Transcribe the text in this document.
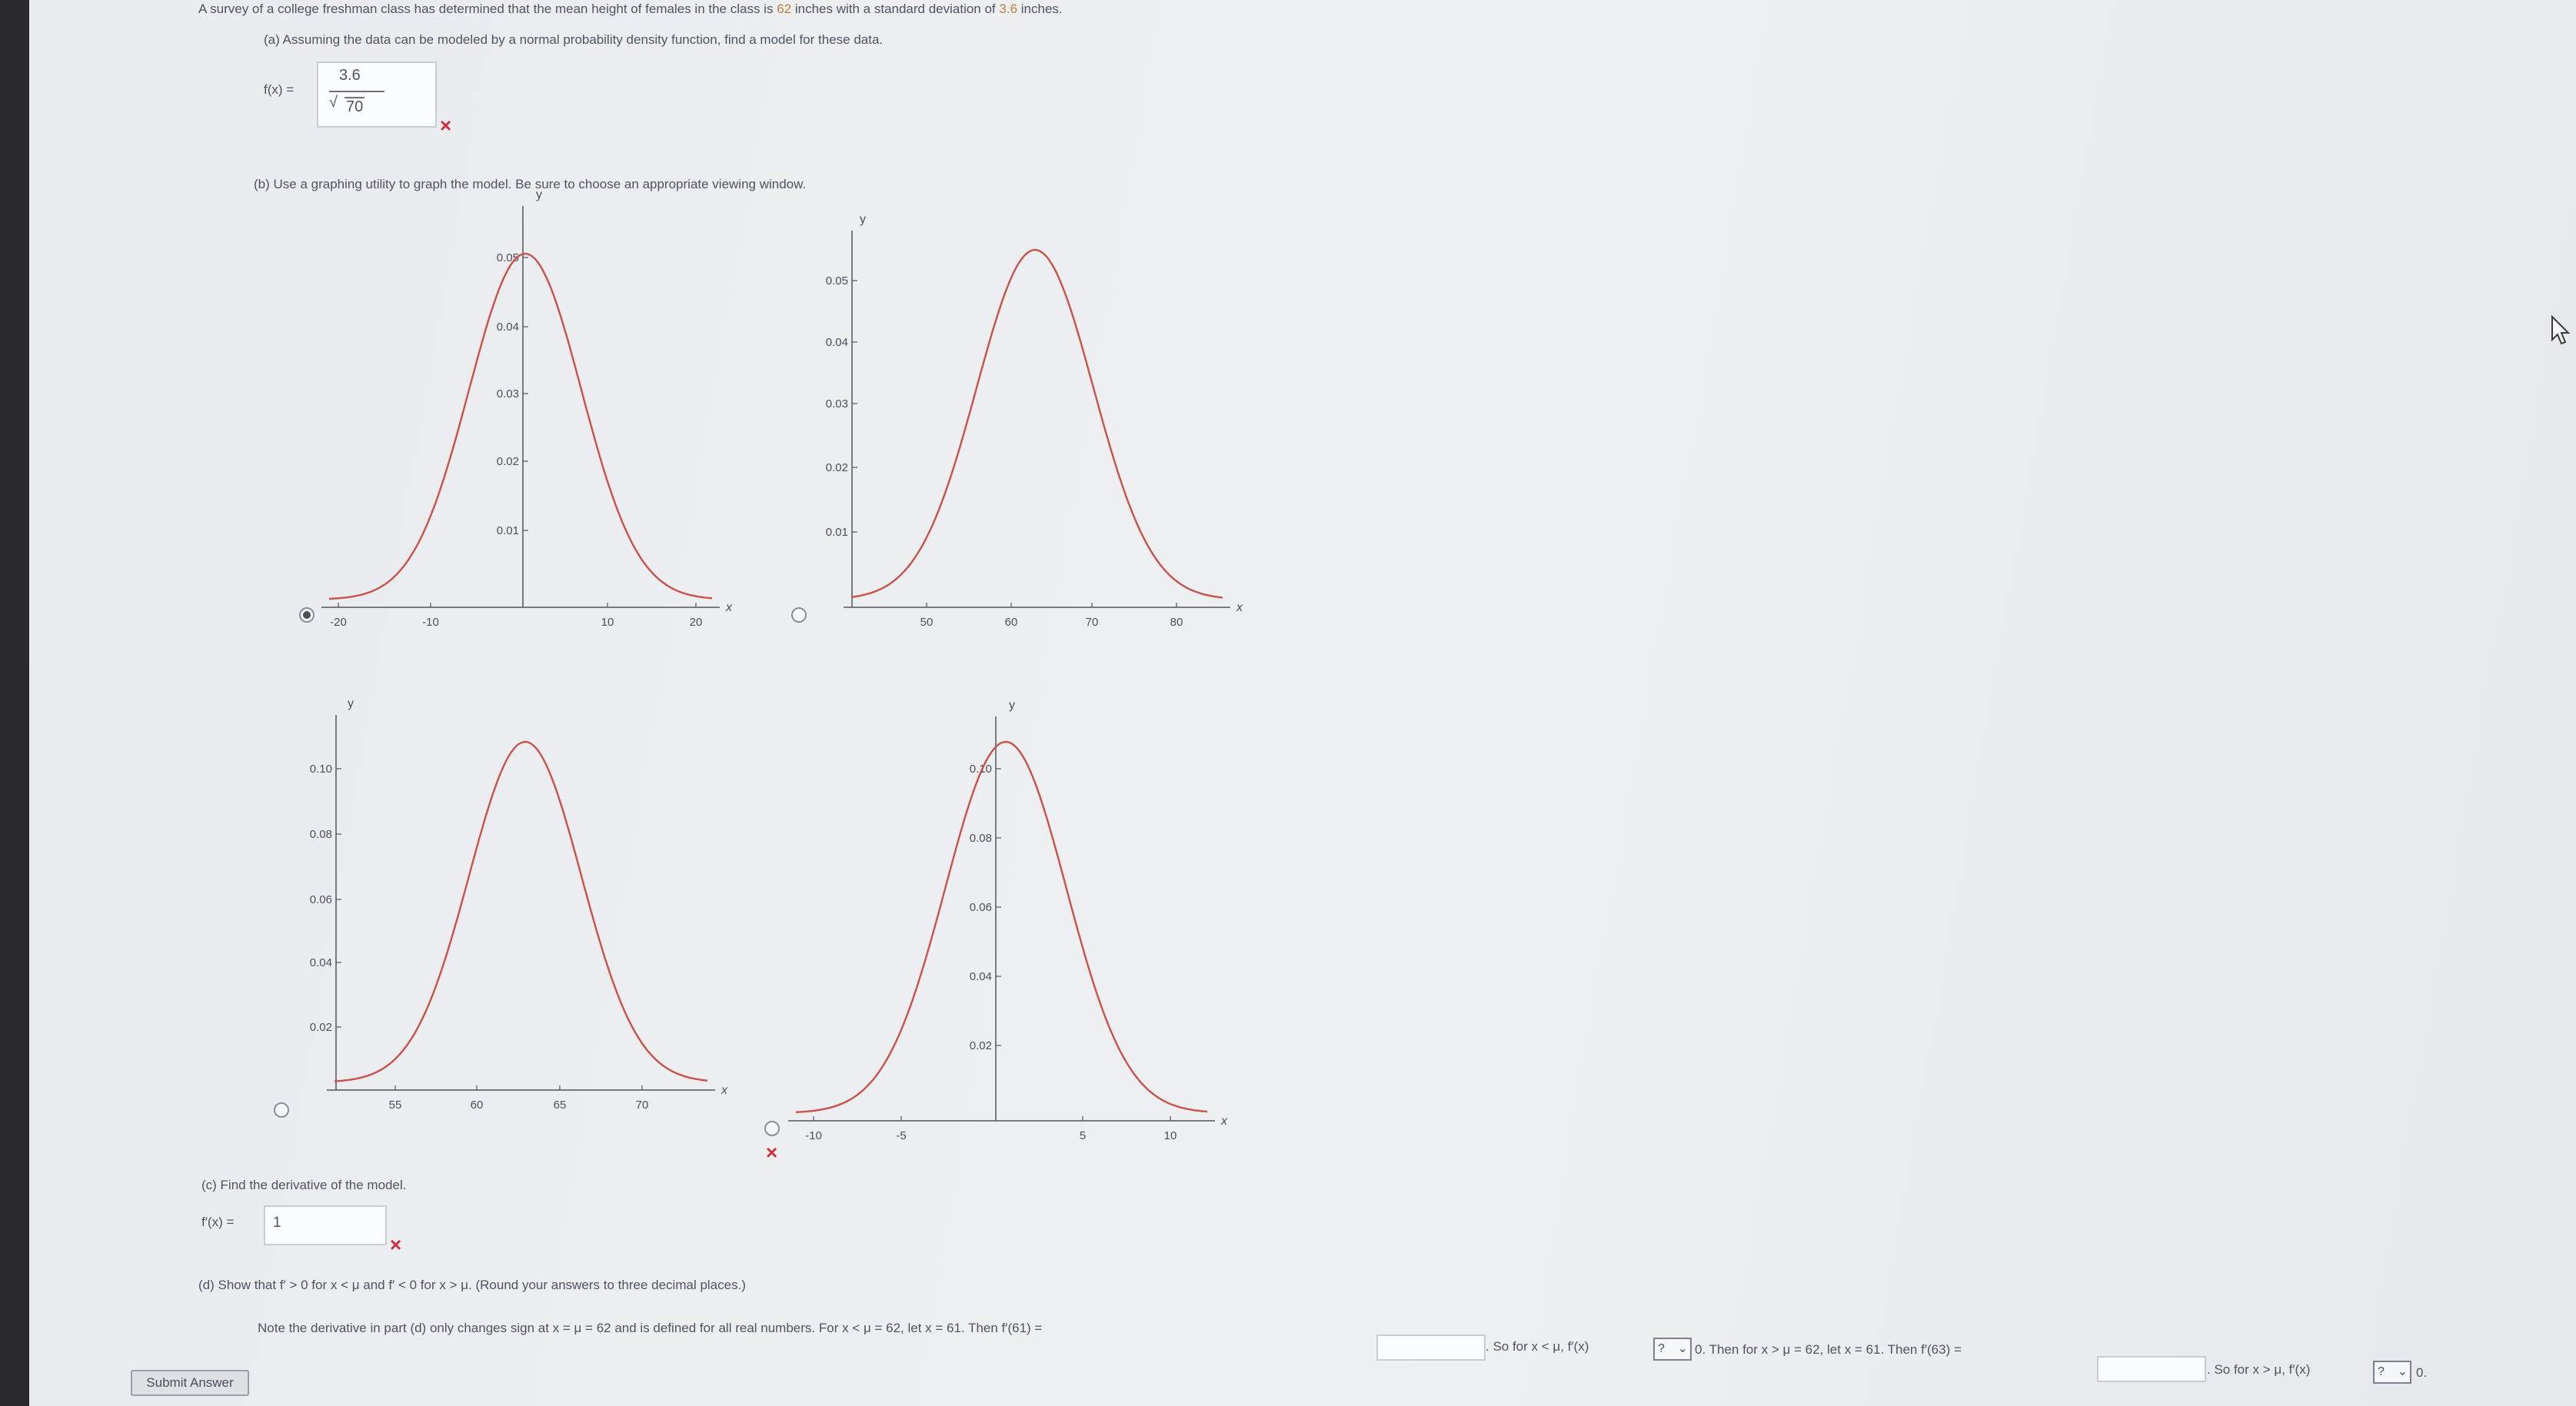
A survey of a college freshman class has determined that the mean height of females in the class is 62 inches with a standard deviation of 3.6 inches.
(a) Assuming the data can be modeled by a normal probability density function, find a model for these data.
f(x) =
3.6
√ 70
×
(b) Use a graphing utility to graph the model. Be sure to choose an appropriate viewing window.
×
y
x
0.05
0.04
0.03
0.02
0.01
-20	-10	10	20
y
x
0.05
0.04
0.03
0.02
0.01
50	60	70	80
y
x
0.10
0.08
0.06
0.04
0.02
55	60	65	70
y
x
0.10
0.08
0.06
0.04
0.02
-10	-5	5	10
(c) Find the derivative of the model.
f′(x) =	1
×
(d) Show that f′ > 0 for x < μ and f′ < 0 for x > μ. (Round your answers to three decimal places.)
Note the derivative in part (d) only changes sign at x = μ = 62 and is defined for all real numbers. For x < μ = 62, let x = 61. Then f′(61) =
. So for x < μ, f′(x)	? ⌄ 0. Then for x > μ = 62, let x = 61. Then f′(63) =
. So for x > μ, f′(x)	? ⌄ 0.
Submit Answer
